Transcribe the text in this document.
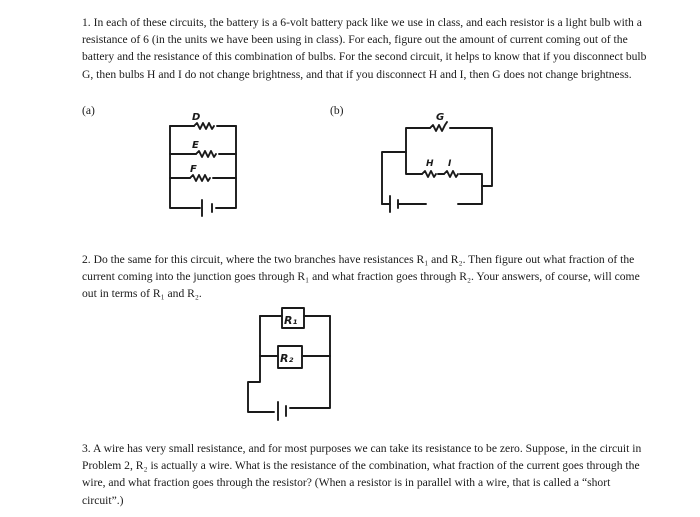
1. In each of these circuits, the battery is a 6-volt battery pack like we use in class, and each resistor is a light bulb with a resistance of 6 (in the units we have been using in class). For each, figure out the amount of current coming out of the battery and the resistance of this combination of bulbs. For the second circuit, it helps to know that if you disconnect bulb G, then bulbs H and I do not change brightness, and that if you disconnect H and I, then G does not change brightness.

(a)	(b)
D
E
F
G
H I

2. Do the same for this circuit, where the two branches have resistances R₁ and R₂. Then figure out what fraction of the current coming into the junction goes through R₁ and what fraction goes through R₂. Your answers, of course, will come out in terms of R₁ and R₂.

R₁
R₂

3. A wire has very small resistance, and for most purposes we can take its resistance to be zero. Suppose, in the circuit in Problem 2, R₂ is actually a wire. What is the resistance of the combination, what fraction of the current goes through the wire, and what fraction goes through the resistor? (When a resistor is in parallel with a wire, that is called a “short circuit”.)
